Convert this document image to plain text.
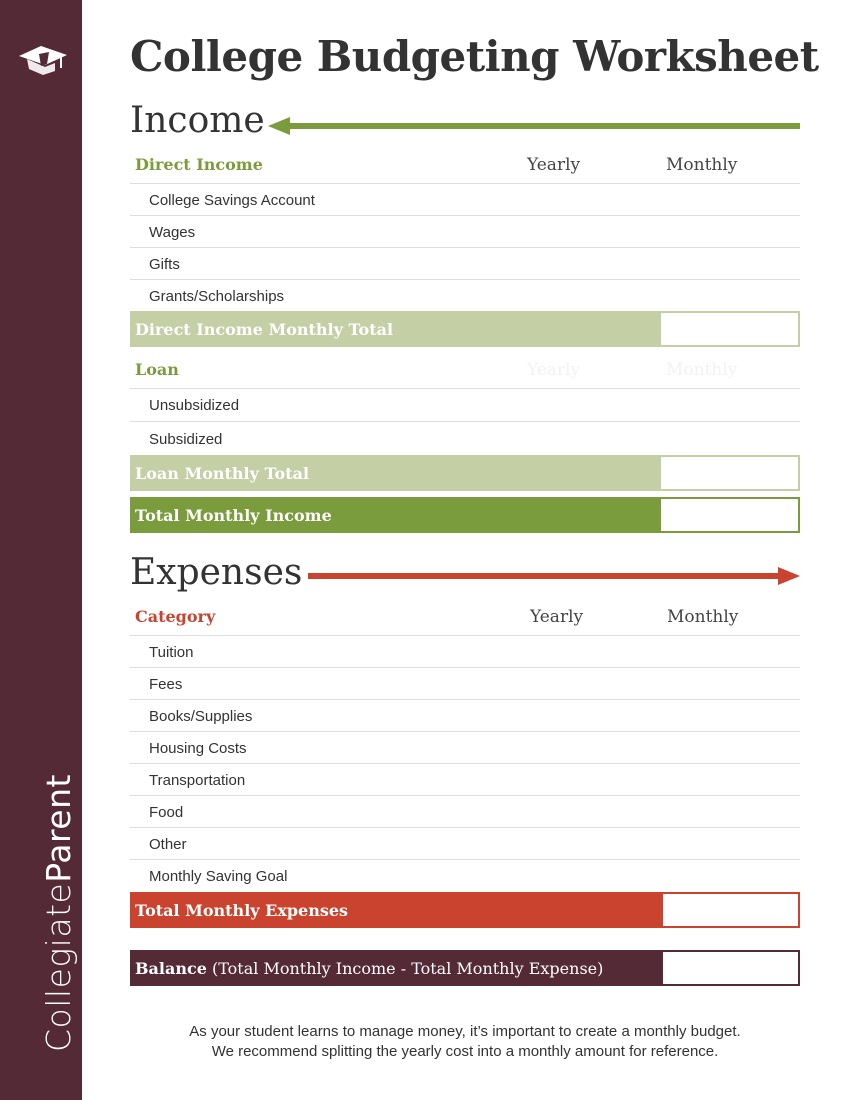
CollegiateParent
College Budgeting Worksheet
Income
Direct Income	Yearly	Monthly
College Savings Account
Wages
Gifts
Grants/Scholarships
Direct Income Monthly Total
Loan	Yearly	Monthly
Unsubsidized
Subsidized
Loan Monthly Total
Total Monthly Income
Expenses
Category	Yearly	Monthly
Tuition
Fees
Books/Supplies
Housing Costs
Transportation
Food
Other
Monthly Saving Goal
Total Monthly Expenses
Balance (Total Monthly Income - Total Monthly Expense)
As your student learns to manage money, it’s important to create a monthly budget.
We recommend splitting the yearly cost into a monthly amount for reference.
